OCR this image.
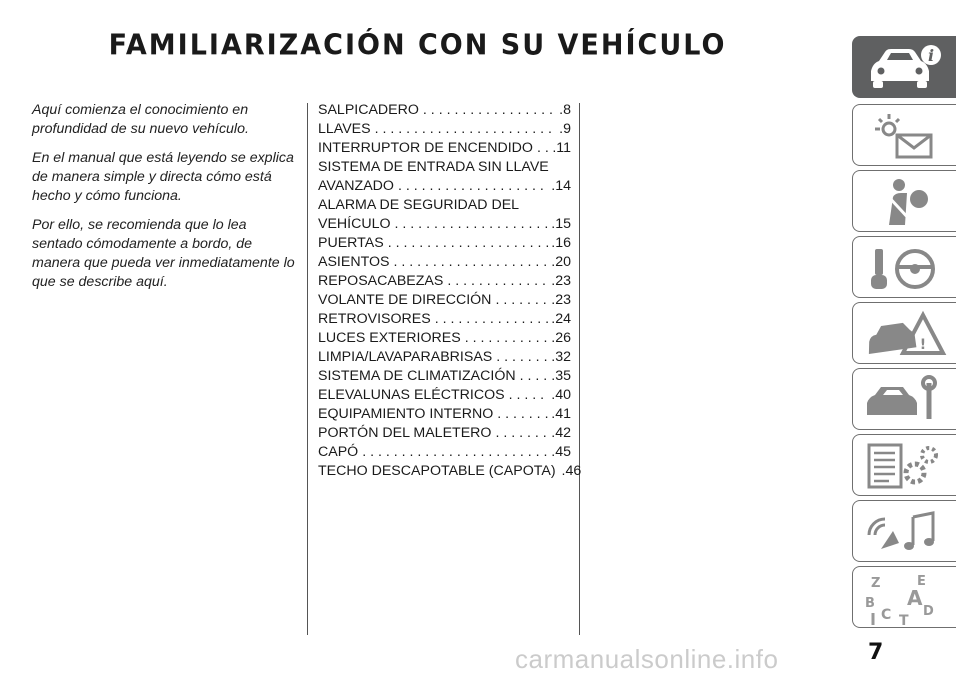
FAMILIARIZACIÓN CON SU VEHÍCULO

Aquí comienza el conocimiento en profundidad de su nuevo vehículo.

En el manual que está leyendo se explica de manera simple y directa cómo está hecho y cómo funciona.

Por ello, se recomienda que lo lea sentado cómodamente a bordo, de manera que pueda ver inmediatamente lo que se describe aquí.

SALPICADERO . . .	.8
LLAVES . . .	.9
INTERRUPTOR DE ENCENDIDO . . . .11
SISTEMA DE ENTRADA SIN LLAVE
AVANZADO . . .	.14
ALARMA DE SEGURIDAD DEL
VEHÍCULO . . .	.15
PUERTAS . . .	.16
ASIENTOS . . .	.20
REPOSACABEZAS . . .	.23
VOLANTE DE DIRECCIÓN . . .	.23
RETROVISORES . . .	.24
LUCES EXTERIORES . . .	.26
LIMPIA/LAVAPARABRISAS . . .	.32
SISTEMA DE CLIMATIZACIÓN . . .	.35
ELEVALUNAS ELÉCTRICOS . . .	.40
EQUIPAMIENTO INTERNO . . .	.41
PORTÓN DEL MALETERO . . .	.42
CAPÓ . . .	.45
TECHO DESCAPOTABLE (CAPOTA) . . . .46
i
!
Z	E
B A
C D
T
7
carmanualsonline.info
